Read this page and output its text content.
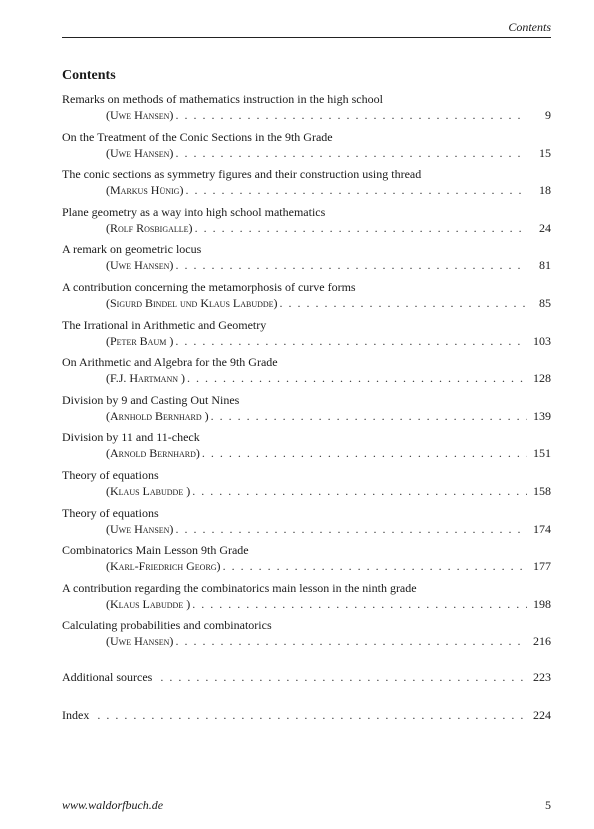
Contents
Contents
Remarks on methods of mathematics instruction in the high school
(Uwe Hansen) . . .	9
On the Treatment of the Conic Sections in the 9th Grade
(Uwe Hansen) . . .	15
The conic sections as symmetry figures and their construction using thread
(Markus Hünig) . . .	18
Plane geometry as a way into high school mathematics
(Rolf Rosbigalle) . . .	24
A remark on geometric locus
(Uwe Hansen) . . .	81
A contribution concerning the metamorphosis of curve forms
(Sigurd Bindel und Klaus Labudde) . . .	85
The Irrational in Arithmetic and Geometry
(Peter Baum ) . . .	103
On Arithmetic and Algebra for the 9th Grade
(F.J. Hartmann ) . . .	128
Division by 9 and Casting Out Nines
(Arnhold Bernhard ) . . .	139
Division by 11 and 11-check
(Arnold Bernhard) . . .	151
Theory of equations
(Klaus Labudde ) . . .	158
Theory of equations
(Uwe Hansen) . . .	174
Combinatorics Main Lesson 9th Grade
(Karl-Friedrich Georg) . . .	177
A contribution regarding the combinatorics main lesson in the ninth grade
(Klaus Labudde ) . . .	198
Calculating probabilities and combinatorics
(Uwe Hansen) . . .	216
Additional sources . . .	223
Index . . .	224
www.waldorfbuch.de	5
